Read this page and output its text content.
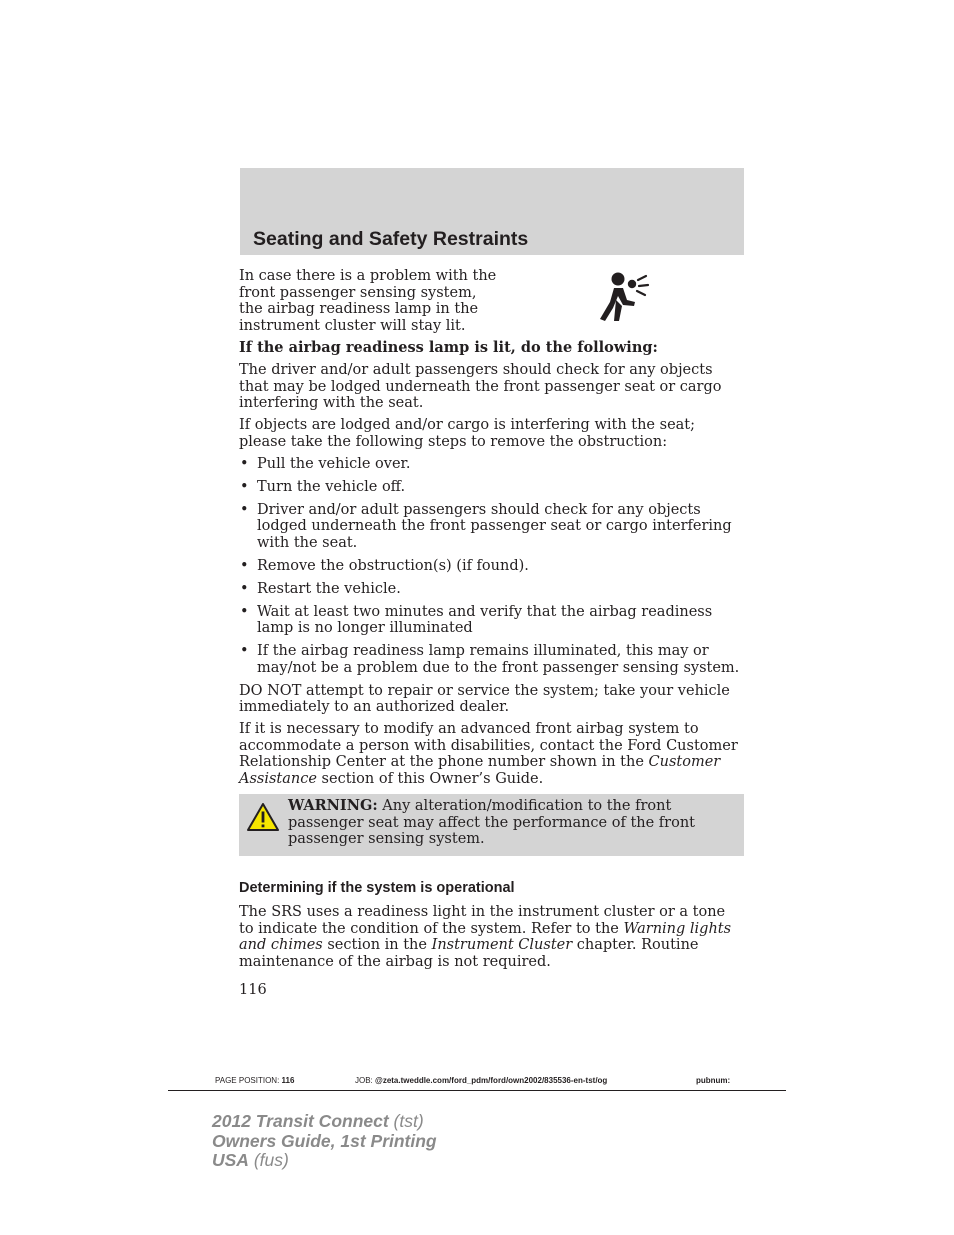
Seating and Safety Restraints

In case there is a problem with the front passenger sensing system, the airbag readiness lamp in the instrument cluster will stay lit.

If the airbag readiness lamp is lit, do the following:

The driver and/or adult passengers should check for any objects that may be lodged underneath the front passenger seat or cargo interfering with the seat.

If objects are lodged and/or cargo is interfering with the seat; please take the following steps to remove the obstruction:

• Pull the vehicle over.
• Turn the vehicle off.
• Driver and/or adult passengers should check for any objects lodged underneath the front passenger seat or cargo interfering with the seat.
• Remove the obstruction(s) (if found).
• Restart the vehicle.
• Wait at least two minutes and verify that the airbag readiness lamp is no longer illuminated
• If the airbag readiness lamp remains illuminated, this may or may/not be a problem due to the front passenger sensing system.

DO NOT attempt to repair or service the system; take your vehicle immediately to an authorized dealer.

If it is necessary to modify an advanced front airbag system to accommodate a person with disabilities, contact the Ford Customer Relationship Center at the phone number shown in the Customer Assistance section of this Owner’s Guide.

WARNING: Any alteration/modification to the front passenger seat may affect the performance of the front passenger sensing system.
Determining if the system is operational

The SRS uses a readiness light in the instrument cluster or a tone to indicate the condition of the system. Refer to the Warning lights and chimes section in the Instrument Cluster chapter. Routine maintenance of the airbag is not required.

116
PAGE POSITION: 116	JOB: @zeta.tweddle.com/ford_pdm/ford/own2002/835536-en-tst/og	pubnum:
2012 Transit Connect (tst)
Owners Guide, 1st Printing
USA (fus)
